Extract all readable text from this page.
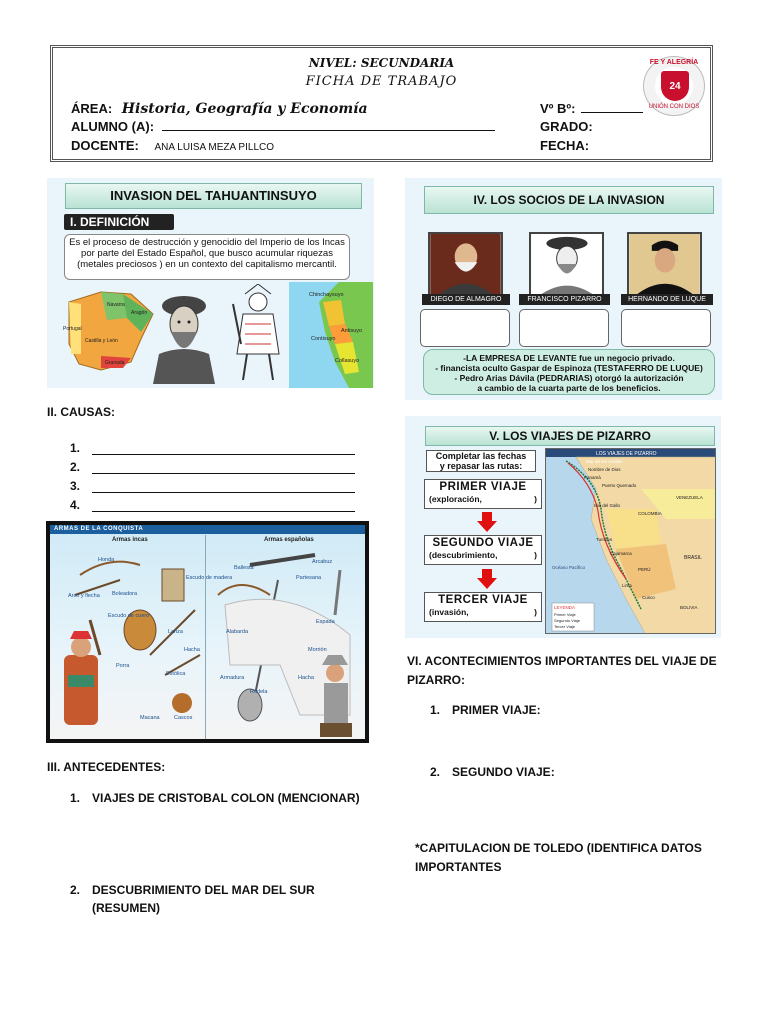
NIVEL: SECUNDARIA
FICHA DE TRABAJO
ÁREA: Historia, Geografía y Economía
ALUMNO (A):
DOCENTE: ANA LUISA MEZA PILLCO
Vº Bº:
GRADO:
FECHA:
FE Y ALEGRÍA
24
UNIÓN CON DIOS
INVASION DEL TAHUANTINSUYO
I. DEFINICIÓN
Es el proceso de destrucción y genocidio del Imperio de los Incas por parte del Estado Español, que busco acumular riquezas (metales preciosos ) en un contexto del capitalismo mercantil.
Navarra
Aragón
Portugal
Castilla y León
Granada
Chinchaysuyo
Antisuyo
Contisuyo
Collasuyo
II. CAUSAS:
1.
2.
3.
4.
ARMAS DE LA CONQUISTA
Armas incas	Armas españolas
Honda
Arco y flecha Boleadora
Escudo de madera
Escudo de cuero
Lanza
Hacha
Porra
Estólica
Macana	Cascos
Arcabuz
Ballesta
Partesana
Alabarda
Espada
Armadura
Rodela
Hacha
Morrión
III. ANTECEDENTES:
1. VIAJES DE CRISTOBAL COLON (MENCIONAR)
2. DESCUBRIMIENTO DEL MAR DEL SUR
(RESUMEN)
IV. LOS SOCIOS DE LA INVASION
DIEGO DE ALMAGRO	FRANCISCO PIZARRO	HERNANDO DE LUQUE
-LA EMPRESA DE LEVANTE fue un negocio privado.
- financista oculto Gaspar de Espinoza (TESTAFERRO DE LUQUE)
- Pedro Arias Dávila (PEDRARIAS) otorgó la autorización
a cambio de la cuarta parte de los beneficios.
V. LOS VIAJES DE PIZARRO
Completar las fechas
y repasar las rutas:
PRIMER VIAJE
(exploración,	)
SEGUNDO VIAJE
(descubrimiento,	)
TERCER VIAJE
(invasión,	)
LOS VIAJES DE PIZARRO
Mar de las Antillas
Nombre de Dios
Panamá
Puerto Quemado
Isla del Gallo
Tumbes
Cajamarca
Lima
Cusco
VENEZUELA
COLOMBIA
BRASIL
BOLIVIA
PERÚ
Océano Pacífico
LEYENDA
Primer Viaje
Segundo Viaje
Tercer Viaje
VI. ACONTECIMIENTOS IMPORTANTES DEL VIAJE DE PIZARRO:
1. PRIMER VIAJE:
2. SEGUNDO VIAJE:
*CAPITULACION DE TOLEDO (IDENTIFICA DATOS IMPORTANTES
